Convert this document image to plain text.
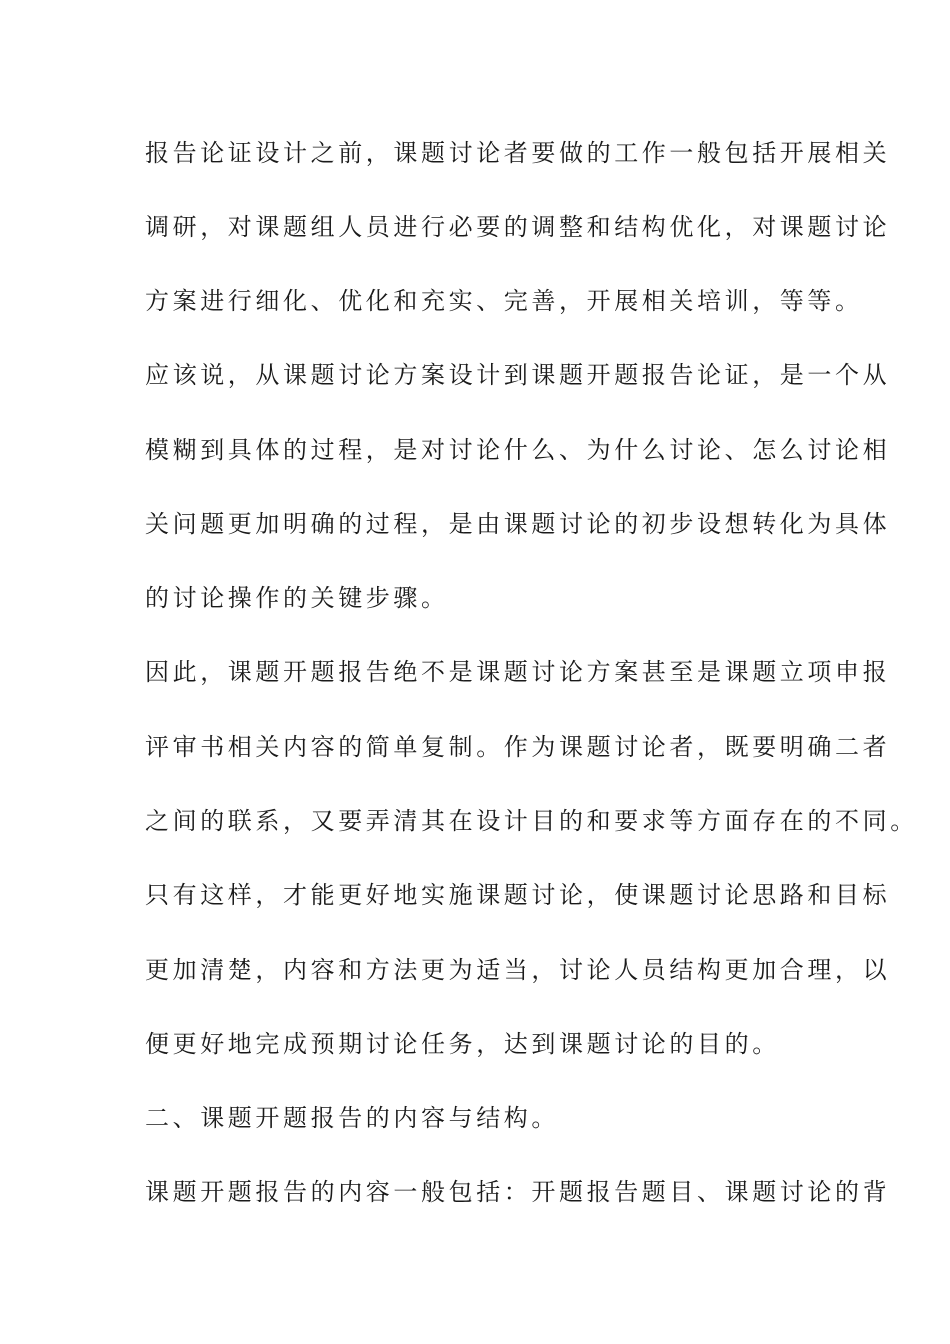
报告论证设计之前，课题讨论者要做的工作一般包括开展相关
调研，对课题组人员进行必要的调整和结构优化，对课题讨论
方案进行细化、优化和充实、完善，开展相关培训，等等。
应该说，从课题讨论方案设计到课题开题报告论证，是一个从
模糊到具体的过程，是对讨论什么、为什么讨论、怎么讨论相
关问题更加明确的过程，是由课题讨论的初步设想转化为具体
的讨论操作的关键步骤。
因此，课题开题报告绝不是课题讨论方案甚至是课题立项申报
评审书相关内容的简单复制。作为课题讨论者，既要明确二者
之间的联系，又要弄清其在设计目的和要求等方面存在的不同。
只有这样，才能更好地实施课题讨论，使课题讨论思路和目标
更加清楚，内容和方法更为适当，讨论人员结构更加合理，以
便更好地完成预期讨论任务，达到课题讨论的目的。
二、课题开题报告的内容与结构。
课题开题报告的内容一般包括：开题报告题目、课题讨论的背
